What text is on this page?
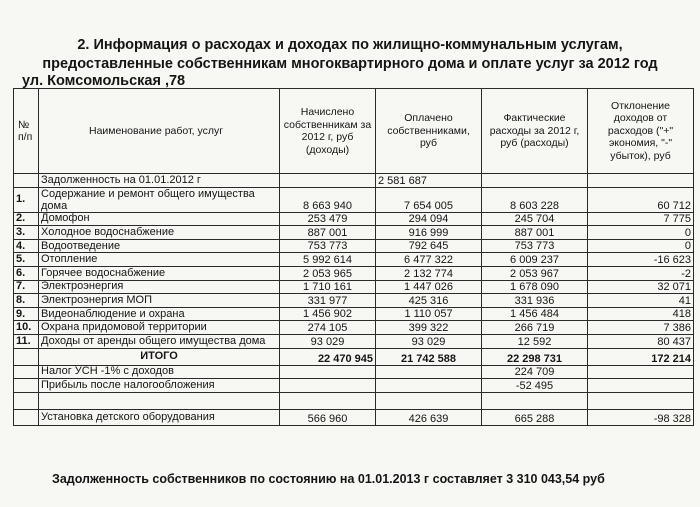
2. Информация о расходах и доходах по жилищно-коммунальным услугам,
предоставленные собственникам многоквартирного дома и оплате услуг за 2012 год
ул. Комсомольская ,78
№ п/п	Наименование работ, услуг	Начислено собственникам за 2012 г, руб (доходы)	Оплачено собственниками, руб	Фактические расходы за 2012 г, руб (расходы)	Отклонение доходов от расходов ("+" экономия, "-" убыток), руб
	Задолженность на 01.01.2012 г		2 581 687		
1.	Содержание и ремонт общего имущества дома	8 663 940	7 654 005	8 603 228	60 712
2.	Домофон	253 479	294 094	245 704	7 775
3.	Холодное водоснабжение	887 001	916 999	887 001	0
4.	Водоотведение	753 773	792 645	753 773	0
5.	Отопление	5 992 614	6 477 322	6 009 237	-16 623
6.	Горячее водоснабжение	2 053 965	2 132 774	2 053 967	-2
7.	Электроэнергия	1 710 161	1 447 026	1 678 090	32 071
8.	Электроэнергия МОП	331 977	425 316	331 936	41
9.	Видеонаблюдение и охрана	1 456 902	1 110 057	1 456 484	418
10.	Охрана придомовой территории	274 105	399 322	266 719	7 386
11.	Доходы от аренды общего имущества дома	93 029	93 029	12 592	80 437
	ИТОГО	22 470 945	21 742 588	22 298 731	172 214
	Налог УСН -1% с доходов			224 709	
	Прибыль после налогообложения			-52 495	

	Установка детского оборудования	566 960	426 639	665 288	-98 328
Задолженность собственников по состоянию на 01.01.2013 г составляет 3 310 043,54 руб
